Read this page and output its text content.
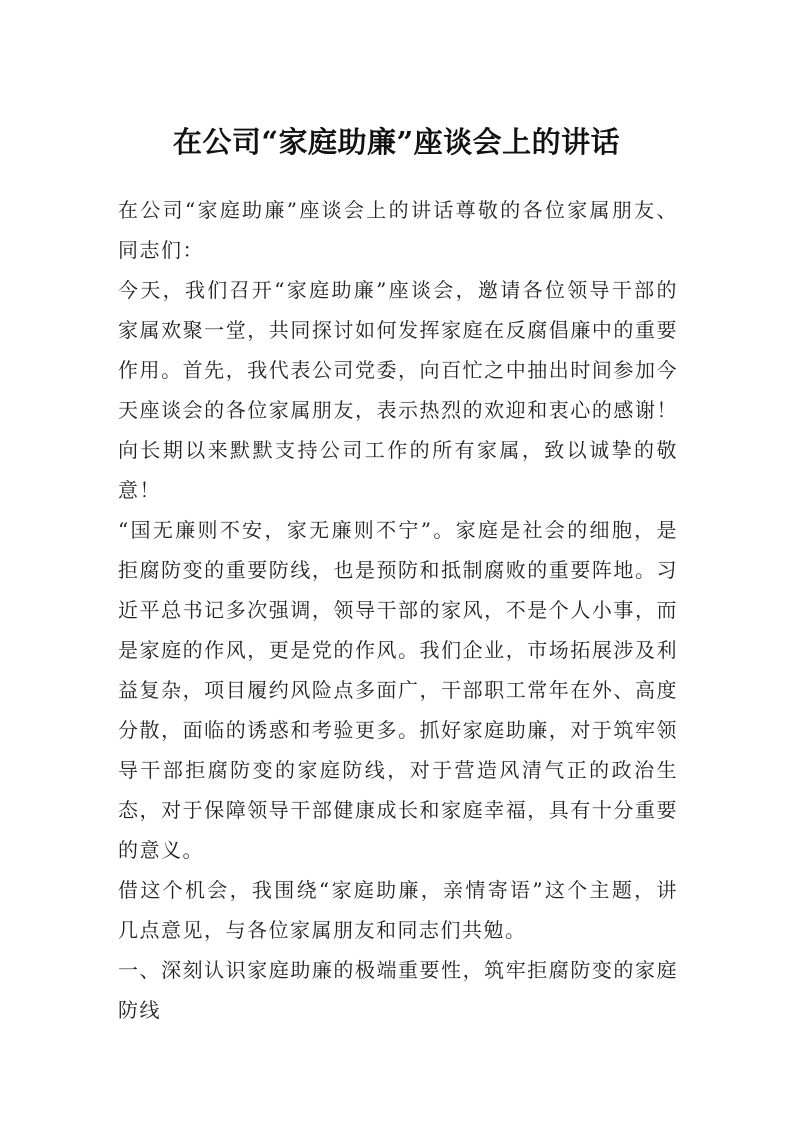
在公司“家庭助廉”座谈会上的讲话

在公司“家庭助廉”座谈会上的讲话尊敬的各位家属朋友、同志们：

今天，我们召开“家庭助廉”座谈会，邀请各位领导干部的家属欢聚一堂，共同探讨如何发挥家庭在反腐倡廉中的重要作用。首先，我代表公司党委，向百忙之中抽出时间参加今天座谈会的各位家属朋友，表示热烈的欢迎和衷心的感谢！向长期以来默默支持公司工作的所有家属，致以诚挚的敬意！

“国无廉则不安，家无廉则不宁”。家庭是社会的细胞，是拒腐防变的重要防线，也是预防和抵制腐败的重要阵地。习近平总书记多次强调，领导干部的家风，不是个人小事，而是家庭的作风，更是党的作风。我们企业，市场拓展涉及利益复杂，项目履约风险点多面广，干部职工常年在外、高度分散，面临的诱惑和考验更多。抓好家庭助廉，对于筑牢领导干部拒腐防变的家庭防线，对于营造风清气正的政治生态，对于保障领导干部健康成长和家庭幸福，具有十分重要的意义。

借这个机会，我围绕“家庭助廉，亲情寄语”这个主题，讲几点意见，与各位家属朋友和同志们共勉。

一、深刻认识家庭助廉的极端重要性，筑牢拒腐防变的家庭防线
